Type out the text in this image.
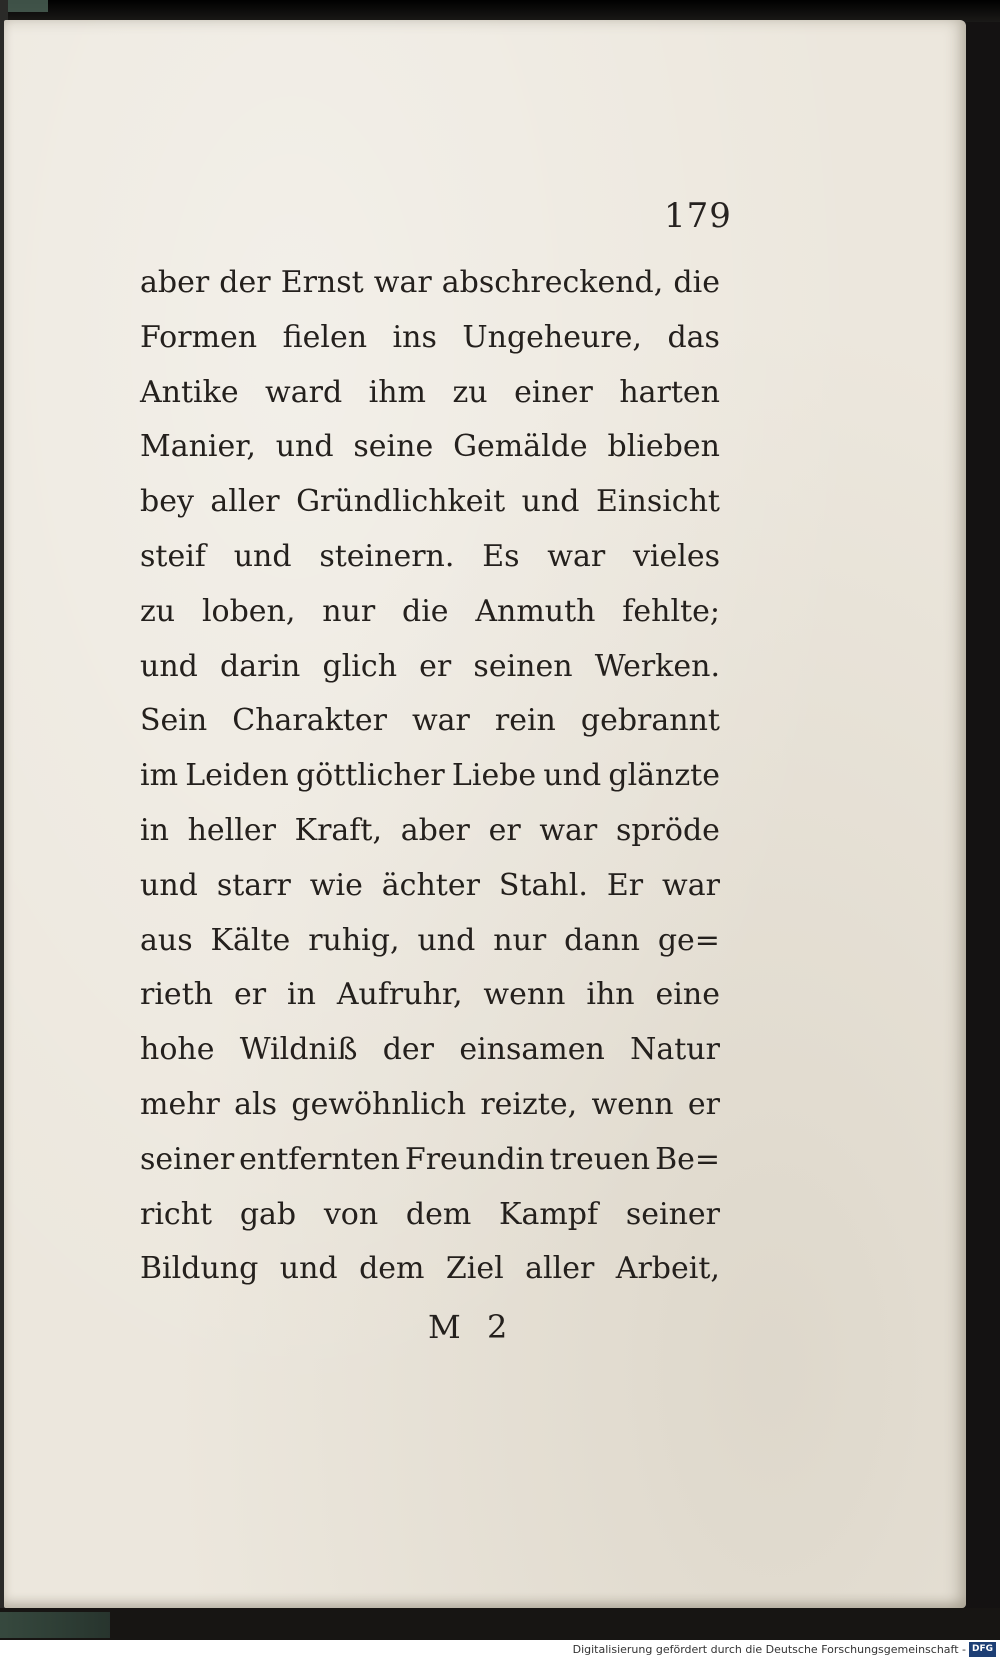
179
aber der Ernst war abschreckend, die
Formen fielen ins Ungeheure, das
Antike ward ihm zu einer harten
Manier, und seine Gemälde blieben
bey aller Gründlichkeit und Einsicht
steif und steinern. Es war vieles
zu loben, nur die Anmuth fehlte;
und darin glich er seinen Werken.
Sein Charakter war rein gebrannt
im Leiden göttlicher Liebe und glänzte
in heller Kraft, aber er war spröde
und starr wie ächter Stahl. Er war
aus Kälte ruhig, und nur dann ge=
rieth er in Aufruhr, wenn ihn eine
hohe Wildniß der einsamen Natur
mehr als gewöhnlich reizte, wenn er
seiner entfernten Freundin treuen Be=
richt gab von dem Kampf seiner
Bildung und dem Ziel aller Arbeit,
M 2
Digitalisierung gefördert durch die Deutsche Forschungsgemeinschaft - DFG
